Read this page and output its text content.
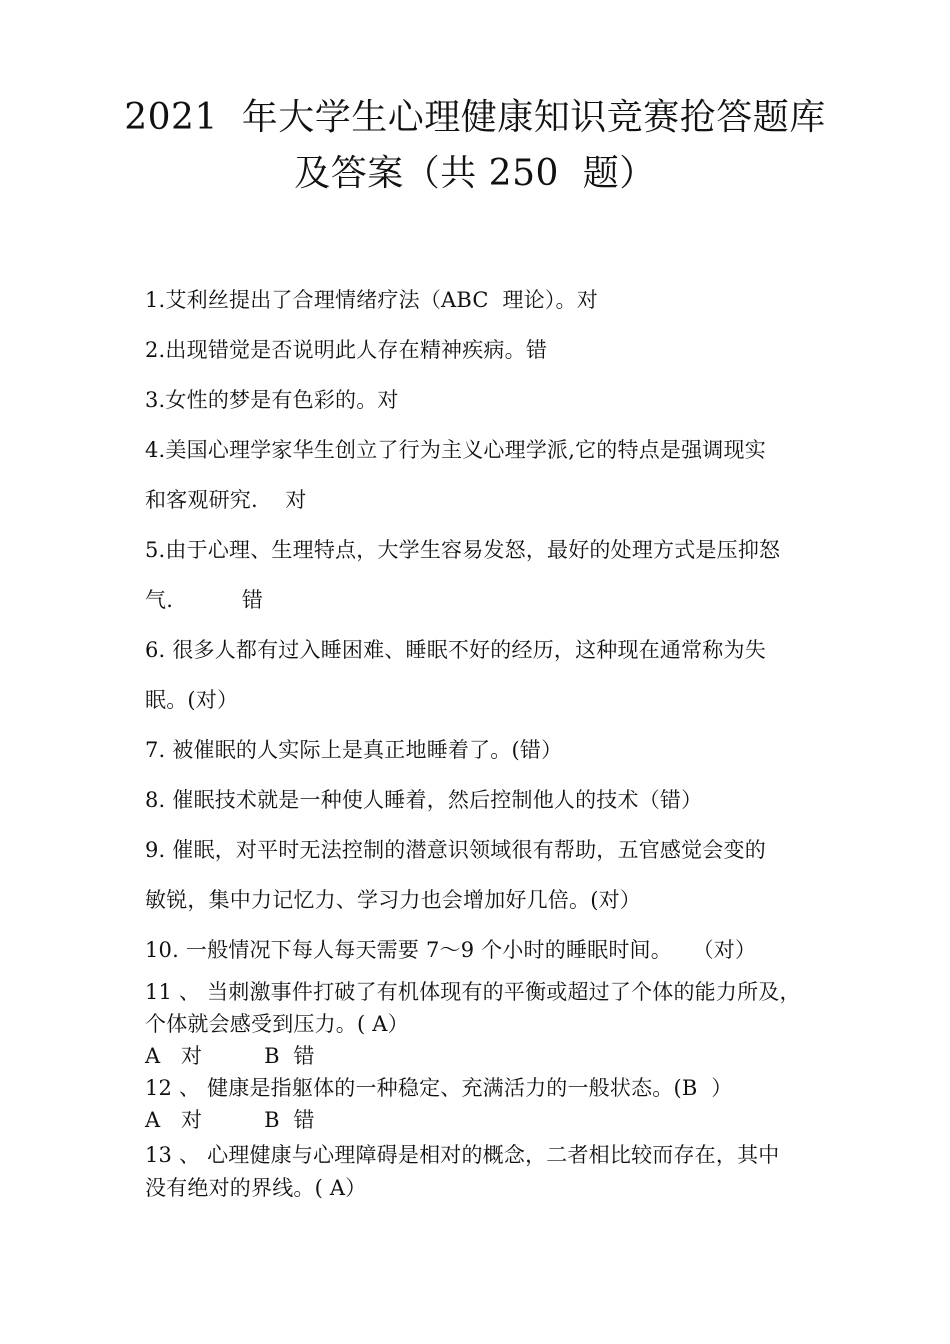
2021  年大学生心理健康知识竞赛抢答题库
及答案（共 250  题）
1.艾利丝提出了合理情绪疗法（ABC  理论）。对
2.出现错觉是否说明此人存在精神疾病。错
3.女性的梦是有色彩的。对
4.美国心理学家华生创立了行为主义心理学派,它的特点是强调现实
和客观研究.    对
5.由于心理、生理特点，大学生容易发怒，最好的处理方式是压抑怒
气.          错
6. 很多人都有过入睡困难、睡眠不好的经历，这种现在通常称为失
眠。(对）
7. 被催眠的人实际上是真正地睡着了。(错）
8. 催眠技术就是一种使人睡着，然后控制他人的技术（错）
9. 催眠，对平时无法控制的潜意识领域很有帮助，五官感觉会变的
敏锐，集中力记忆力、学习力也会增加好几倍。(对）
10. 一般情况下每人每天需要 7～9 个小时的睡眠时间。   （对）
11 、 当刺激事件打破了有机体现有的平衡或超过了个体的能力所及，
个体就会感受到压力。( A）
A   对         B  错
12 、 健康是指躯体的一种稳定、充满活力的一般状态。(B  ）
A   对         B  错
13 、 心理健康与心理障碍是相对的概念，二者相比较而存在，其中
没有绝对的界线。( A）
